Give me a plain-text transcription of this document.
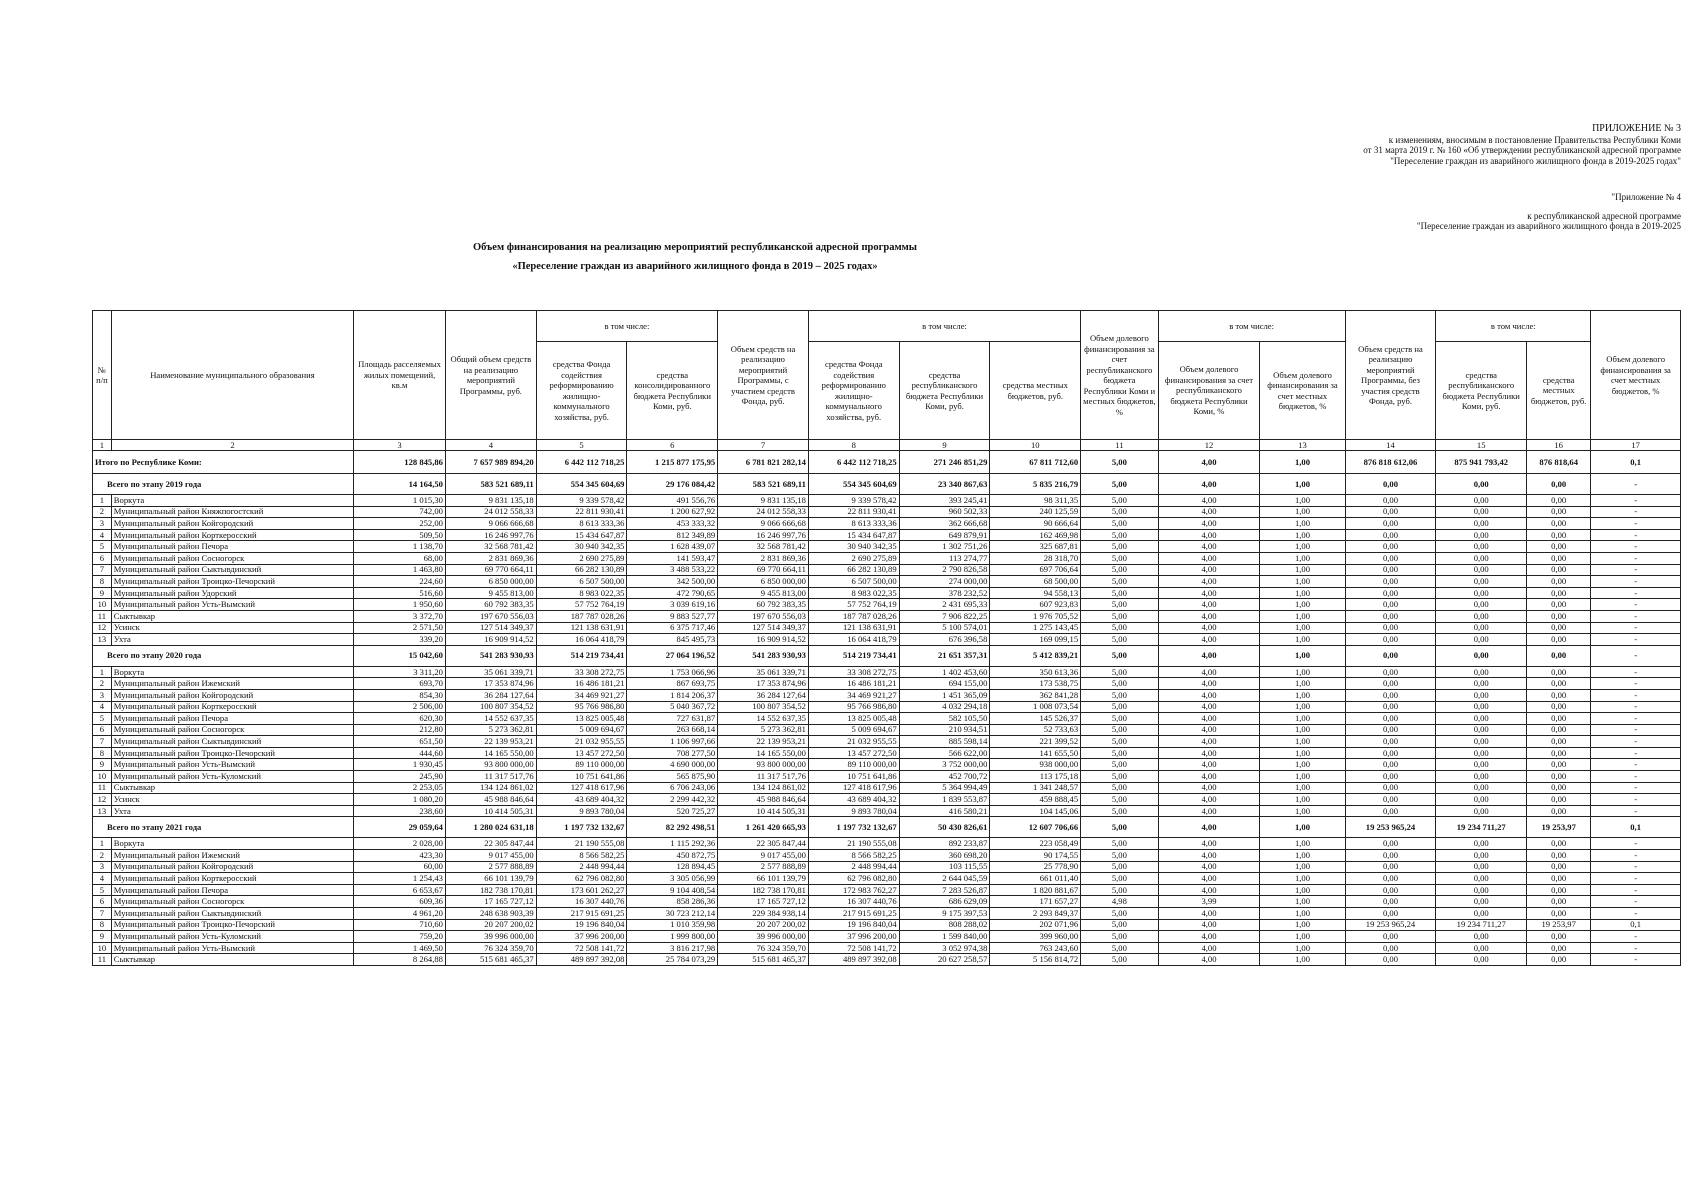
ПРИЛОЖЕНИЕ № 3
к изменениям, вносимым в постановление Правительства Республики Коми
от 31 марта 2019 г. № 160 «Об утверждении республиканской адресной программе
"Переселение граждан из аварийного жилищного фонда в 2019-2025 годах"
"Приложение № 4
к республиканской адресной программе
"Переселение граждан из аварийного жилищного фонда в 2019-2025
Объем финансирования на реализацию мероприятий республиканской адресной программы
«Переселение граждан из аварийного жилищного фонда в 2019 – 2025 годах»
№ п/п	Наименование муниципального образования	Площадь расселяемых жилых помещений, кв.м	Общий объем средств на реализацию мероприятий Программы, руб.	в том числе:		Объем средств на реализацию мероприятий Программы, с участием средств Фонда, руб.	в том числе:			Объем долевого финансирования за счет республиканского бюджета Республики Коми и местных бюджетов, %	в том числе:		Объем средств на реализацию мероприятий Программы, без участия средств Фонда, руб.	в том числе:		Объем долевого финансирования за счет местных бюджетов, %
				средства Фонда содействия реформированию жилищно-коммунального хозяйства, руб.	средства консолидированного бюджета Республики Коми, руб.		средства Фонда содействия реформированию жилищно-коммунального хозяйства, руб.	средства республиканского бюджета Республики Коми, руб.	средства местных бюджетов, руб.		Объем долевого финансирования за счет республиканского бюджета Республики Коми, %	Объем долевого финансирования за счет местных бюджетов, %		средства республиканского бюджета Республики Коми, руб.	средства местных бюджетов, руб.	
1	2	3	4	5	6	7	8	9	10	11	12	13	14	15	16	17
Итого по Республике Коми:		128 845,86	7 657 989 894,20	6 442 112 718,25	1 215 877 175,95	6 781 821 282,14	6 442 112 718,25	271 246 851,29	67 811 712,60	5,00	4,00	1,00	876 818 612,06	875 941 793,42	876 818,64	0,1
Всего по этапу 2019 года		14 164,50	583 521 689,11	554 345 604,69	29 176 084,42	583 521 689,11	554 345 604,69	23 340 867,63	5 835 216,79	5,00	4,00	1,00	0,00	0,00	0,00	-
1	Воркута	1 015,30	9 831 135,18	9 339 578,42	491 556,76	9 831 135,18	9 339 578,42	393 245,41	98 311,35	5,00	4,00	1,00	0,00	0,00	0,00	-
2	Муниципальный район Княжпогостский	742,00	24 012 558,33	22 811 930,41	1 200 627,92	24 012 558,33	22 811 930,41	960 502,33	240 125,59	5,00	4,00	1,00	0,00	0,00	0,00	-
3	Муниципальный район Койгородский	252,00	9 066 666,68	8 613 333,36	453 333,32	9 066 666,68	8 613 333,36	362 666,68	90 666,64	5,00	4,00	1,00	0,00	0,00	0,00	-
4	Муниципальный район Корткеросский	509,50	16 246 997,76	15 434 647,87	812 349,89	16 246 997,76	15 434 647,87	649 879,91	162 469,98	5,00	4,00	1,00	0,00	0,00	0,00	-
5	Муниципальный район Печора	1 138,70	32 568 781,42	30 940 342,35	1 628 439,07	32 568 781,42	30 940 342,35	1 302 751,26	325 687,81	5,00	4,00	1,00	0,00	0,00	0,00	-
6	Муниципальный район Сосногорск	68,00	2 831 869,36	2 690 275,89	141 593,47	2 831 869,36	2 690 275,89	113 274,77	28 318,70	5,00	4,00	1,00	0,00	0,00	0,00	-
7	Муниципальный район Сыктывдинский	1 463,80	69 770 664,11	66 282 130,89	3 488 533,22	69 770 664,11	66 282 130,89	2 790 826,58	697 706,64	5,00	4,00	1,00	0,00	0,00	0,00	-
8	Муниципальный район Троицко-Печорский	224,60	6 850 000,00	6 507 500,00	342 500,00	6 850 000,00	6 507 500,00	274 000,00	68 500,00	5,00	4,00	1,00	0,00	0,00	0,00	-
9	Муниципальный район Удорский	516,60	9 455 813,00	8 983 022,35	472 790,65	9 455 813,00	8 983 022,35	378 232,52	94 558,13	5,00	4,00	1,00	0,00	0,00	0,00	-
10	Муниципальный район Усть-Вымский	1 950,60	60 792 383,35	57 752 764,19	3 039 619,16	60 792 383,35	57 752 764,19	2 431 695,33	607 923,83	5,00	4,00	1,00	0,00	0,00	0,00	-
11	Сыктывкар	3 372,70	197 670 556,03	187 787 028,26	9 883 527,77	197 670 556,03	187 787 028,26	7 906 822,25	1 976 705,52	5,00	4,00	1,00	0,00	0,00	0,00	-
12	Усинск	2 571,50	127 514 349,37	121 138 631,91	6 375 717,46	127 514 349,37	121 138 631,91	5 100 574,01	1 275 143,45	5,00	4,00	1,00	0,00	0,00	0,00	-
13	Ухта	339,20	16 909 914,52	16 064 418,79	845 495,73	16 909 914,52	16 064 418,79	676 396,58	169 099,15	5,00	4,00	1,00	0,00	0,00	0,00	-
Всего по этапу 2020 года		15 042,60	541 283 930,93	514 219 734,41	27 064 196,52	541 283 930,93	514 219 734,41	21 651 357,31	5 412 839,21	5,00	4,00	1,00	0,00	0,00	0,00	-
1	Воркута	3 311,20	35 061 339,71	33 308 272,75	1 753 066,96	35 061 339,71	33 308 272,75	1 402 453,60	350 613,36	5,00	4,00	1,00	0,00	0,00	0,00	-
2	Муниципальный район Ижемский	693,70	17 353 874,96	16 486 181,21	867 693,75	17 353 874,96	16 486 181,21	694 155,00	173 538,75	5,00	4,00	1,00	0,00	0,00	0,00	-
3	Муниципальный район Койгородский	854,30	36 284 127,64	34 469 921,27	1 814 206,37	36 284 127,64	34 469 921,27	1 451 365,09	362 841,28	5,00	4,00	1,00	0,00	0,00	0,00	-
4	Муниципальный район Корткеросский	2 506,00	100 807 354,52	95 766 986,80	5 040 367,72	100 807 354,52	95 766 986,80	4 032 294,18	1 008 073,54	5,00	4,00	1,00	0,00	0,00	0,00	-
5	Муниципальный район Печора	620,30	14 552 637,35	13 825 005,48	727 631,87	14 552 637,35	13 825 005,48	582 105,50	145 526,37	5,00	4,00	1,00	0,00	0,00	0,00	-
6	Муниципальный район Сосногорск	212,80	5 273 362,81	5 009 694,67	263 668,14	5 273 362,81	5 009 694,67	210 934,51	52 733,63	5,00	4,00	1,00	0,00	0,00	0,00	-
7	Муниципальный район Сыктывдинский	651,50	22 139 953,21	21 032 955,55	1 106 997,66	22 139 953,21	21 032 955,55	885 598,14	221 399,52	5,00	4,00	1,00	0,00	0,00	0,00	-
8	Муниципальный район Троицко-Печорский	444,60	14 165 550,00	13 457 272,50	708 277,50	14 165 550,00	13 457 272,50	566 622,00	141 655,50	5,00	4,00	1,00	0,00	0,00	0,00	-
9	Муниципальный район Усть-Вымский	1 930,45	93 800 000,00	89 110 000,00	4 690 000,00	93 800 000,00	89 110 000,00	3 752 000,00	938 000,00	5,00	4,00	1,00	0,00	0,00	0,00	-
10	Муниципальный район Усть-Куломский	245,90	11 317 517,76	10 751 641,86	565 875,90	11 317 517,76	10 751 641,86	452 700,72	113 175,18	5,00	4,00	1,00	0,00	0,00	0,00	-
11	Сыктывкар	2 253,05	134 124 861,02	127 418 617,96	6 706 243,06	134 124 861,02	127 418 617,96	5 364 994,49	1 341 248,57	5,00	4,00	1,00	0,00	0,00	0,00	-
12	Усинск	1 080,20	45 988 846,64	43 689 404,32	2 299 442,32	45 988 846,64	43 689 404,32	1 839 553,87	459 888,45	5,00	4,00	1,00	0,00	0,00	0,00	-
13	Ухта	238,60	10 414 505,31	9 893 780,04	520 725,27	10 414 505,31	9 893 780,04	416 580,21	104 145,06	5,00	4,00	1,00	0,00	0,00	0,00	-
Всего по этапу 2021 года		29 059,64	1 280 024 631,18	1 197 732 132,67	82 292 498,51	1 261 420 665,93	1 197 732 132,67	50 430 826,61	12 607 706,66	5,00	4,00	1,00	19 253 965,24	19 234 711,27	19 253,97	0,1
1	Воркута	2 028,00	22 305 847,44	21 190 555,08	1 115 292,36	22 305 847,44	21 190 555,08	892 233,87	223 058,49	5,00	4,00	1,00	0,00	0,00	0,00	-
2	Муниципальный район Ижемский	423,30	9 017 455,00	8 566 582,25	450 872,75	9 017 455,00	8 566 582,25	360 698,20	90 174,55	5,00	4,00	1,00	0,00	0,00	0,00	-
3	Муниципальный район Койгородский	60,00	2 577 888,89	2 448 994,44	128 894,45	2 577 888,89	2 448 994,44	103 115,55	25 778,90	5,00	4,00	1,00	0,00	0,00	0,00	-
4	Муниципальный район Корткеросский	1 254,43	66 101 139,79	62 796 082,80	3 305 056,99	66 101 139,79	62 796 082,80	2 644 045,59	661 011,40	5,00	4,00	1,00	0,00	0,00	0,00	-
5	Муниципальный район Печора	6 653,67	182 738 170,81	173 601 262,27	9 104 408,54	182 738 170,81	172 983 762,27	7 283 526,87	1 820 881,67	5,00	4,00	1,00	0,00	0,00	0,00	-
6	Муниципальный район Сосногорск	609,36	17 165 727,12	16 307 440,76	858 286,36	17 165 727,12	16 307 440,76	686 629,09	171 657,27	4,98	3,99	1,00	0,00	0,00	0,00	-
7	Муниципальный район Сыктывдинский	4 961,20	248 638 903,39	217 915 691,25	30 723 212,14	229 384 938,14	217 915 691,25	9 175 397,53	2 293 849,37	5,00	4,00	1,00	0,00	0,00	0,00	-
8	Муниципальный район Троицко-Печорский	710,60	20 207 200,02	19 196 840,04	1 010 359,98	20 207 200,02	19 196 840,04	808 288,02	202 071,96	5,00	4,00	1,00	19 253 965,24	19 234 711,27	19 253,97	0,1
9	Муниципальный район Усть-Куломский	759,20	39 996 000,00	37 996 200,00	1 999 800,00	39 996 000,00	37 996 200,00	1 599 840,00	399 960,00	5,00	4,00	1,00	0,00	0,00	0,00	-
10	Муниципальный район Усть-Вымский	1 469,50	76 324 359,70	72 508 141,72	3 816 217,98	76 324 359,70	72 508 141,72	3 052 974,38	763 243,60	5,00	4,00	1,00	0,00	0,00	0,00	-
11	Сыктывкар	8 264,88	515 681 465,37	489 897 392,08	25 784 073,29	515 681 465,37	489 897 392,08	20 627 258,57	5 156 814,72	5,00	4,00	1,00	0,00	0,00	0,00	-
